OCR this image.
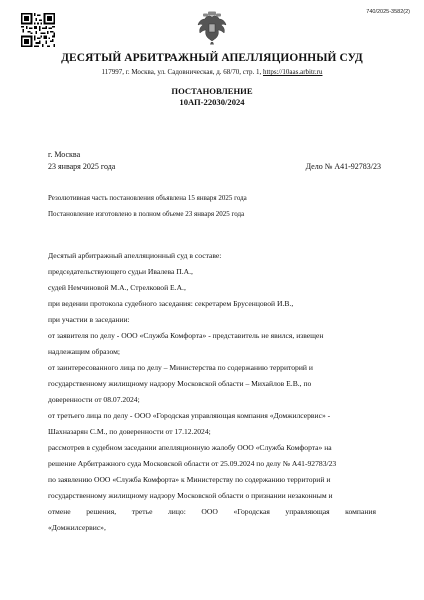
740/2025-3582(2)
ДЕСЯТЫЙ АРБИТРАЖНЫЙ АПЕЛЛЯЦИОННЫЙ СУД
117997, г. Москва, ул. Садовническая, д. 68/70, стр. 1, https://10aas.arbitr.ru
ПОСТАНОВЛЕНИЕ
10АП-22030/2024
г. Москва
23 января 2025 года	Дело № А41-92783/23
Резолютивная часть постановления объявлена 15 января 2025 года
Постановление изготовлено в полном объеме 23 января 2025 года
Десятый арбитражный апелляционный суд в составе:
председательствующего судьи Ивалева П.А.,
судей Немчиновой М.А., Стрелковой Е.А.,
при ведении протокола судебного заседания: секретарем Брусенцовой И.В.,
при участии в заседании:
от заявителя по делу - ООО «Служба Комфорта» - представитель не явился, извещен
надлежащим образом;
от заинтересованного лица по делу – Министерства по содержанию территорий и
государственному жилищному надзору Московской области – Михайлов Е.В., по
доверенности от 08.07.2024;
от третьего лица по делу - ООО «Городская управляющая компания «Домжилсервис» -
Шахназарян С.М., по доверенности от 17.12.2024;
рассмотрев в судебном заседании апелляционную жалобу ООО «Служба Комфорта» на
решение Арбитражного суда Московской области от 25.09.2024 по делу № А41-92783/23
по заявлению ООО «Служба Комфорта» к Министерству по содержанию территорий и
государственному жилищному надзору Московской области о признании незаконным и
отмене решения, третье лицо: ООО «Городская управляющая компания
«Домжилсервис»,
